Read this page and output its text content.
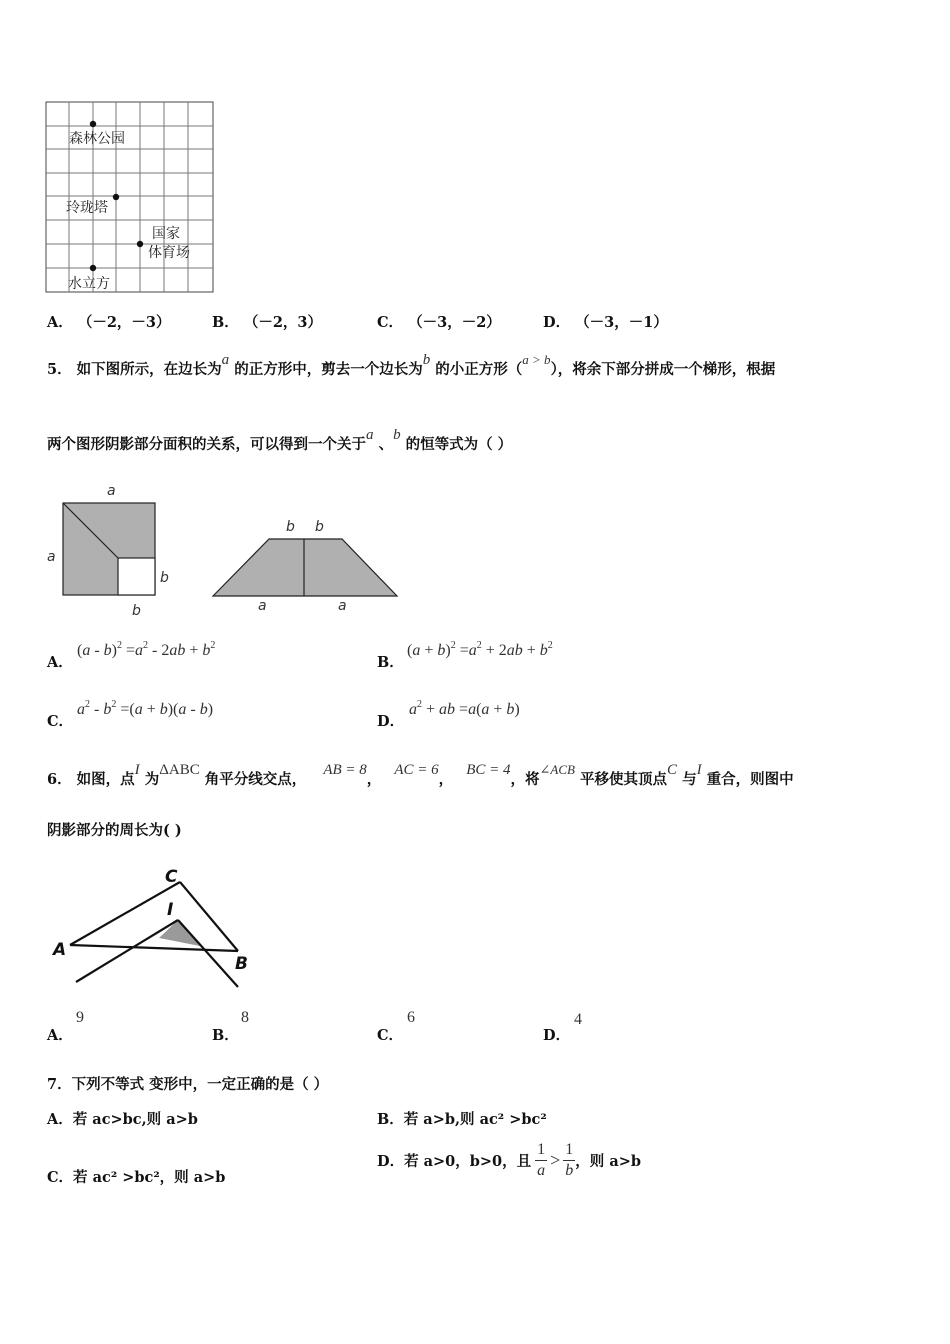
森林公园
玲珑塔
国家
体育场
水立方
A． （－2，－3）	B． （－2，3）	C． （－3，－2）	D． （－3，－1）
5． 如下图所示，在边长为a 的正方形中，剪去一个边长为b 的小正方形（a > b），将余下部分拼成一个梯形，根据
两个图形阴影部分面积的关系，可以得到一个关于a 、b 的恒等式为（ ）
a
a
b
b
b b
a	a
A．
$(a - b)^2 =a^2 - 2ab + b^2$
B．
$(a + b)^2 =a^2 + 2ab + b^2$
C．
$a^2 - b^2 =(a + b)(a - b)$
D．
$a^2$ + ab =a(a + b)
6． 如图，点I 为ΔABC 角平分线交点， AB = 8， AC = 6， BC = 4，将∠ACB 平移使其顶点C 与I 重合，则图中
阴影部分的周长为( )
C
I
A
B
A．
9
B．
8
C．
6
D．
4
7．下列不等式 变形中，一定正确的是（ ）
A．若 ac>bc,则 a>b	B．若 a>b,则 ac² >bc²
C．若 ac² >bc²，则 a>b
D．若 a>0，b>0，且 $\frac{1}{a} > \frac{1}{b}$ ，则 a>b
